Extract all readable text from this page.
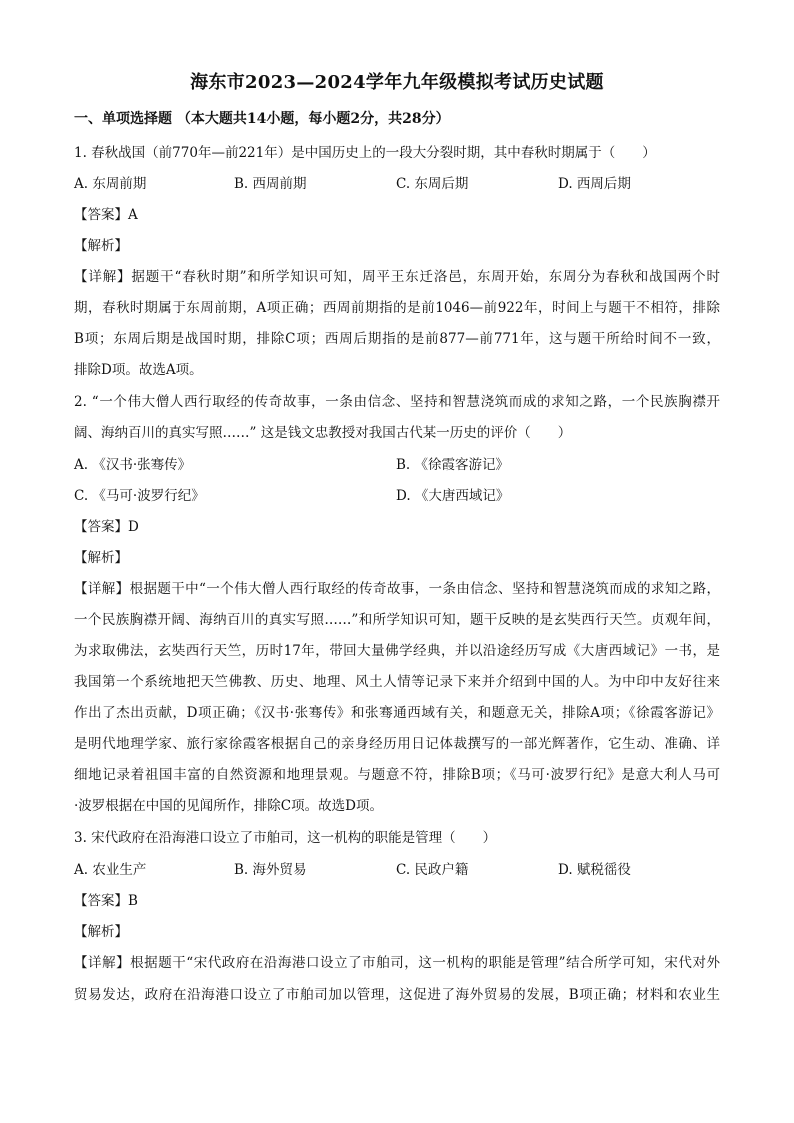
海东市2023—2024学年九年级模拟考试历史试题
一、单项选择题 （本大题共14小题，每小题2分，共28分）
1. 春秋战国（前770年—前221年）是中国历史上的一段大分裂时期，其中春秋时期属于（　　）
A. 东周前期	B. 西周前期	C. 东周后期	D. 西周后期
【答案】A
【解析】
【详解】据题干“春秋时期”和所学知识可知，周平王东迁洛邑，东周开始，东周分为春秋和战国两个时
期，春秋时期属于东周前期，A项正确；西周前期指的是前1046—前922年，时间上与题干不相符，排除
B项；东周后期是战国时期，排除C项；西周后期指的是前877—前771年，这与题干所给时间不一致，
排除D项。故选A项。
2. “一个伟大僧人西行取经的传奇故事，一条由信念、坚持和智慧浇筑而成的求知之路，一个民族胸襟开
阔、海纳百川的真实写照……” 这是钱文忠教授对我国古代某一历史的评价（　　）
A. 《汉书·张骞传》	B. 《徐霞客游记》
C. 《马可·波罗行纪》	D. 《大唐西域记》
【答案】D
【解析】
【详解】根据题干中“一个伟大僧人西行取经的传奇故事，一条由信念、坚持和智慧浇筑而成的求知之路，
一个民族胸襟开阔、海纳百川的真实写照……”和所学知识可知，题干反映的是玄奘西行天竺。贞观年间，
为求取佛法，玄奘西行天竺，历时17年，带回大量佛学经典，并以沿途经历写成《大唐西域记》一书，是
我国第一个系统地把天竺佛教、历史、地理、风土人情等记录下来并介绍到中国的人。为中印中友好往来
作出了杰出贡献，D项正确；《汉书·张骞传》和张骞通西域有关，和题意无关，排除A项；《徐霞客游记》
是明代地理学家、旅行家徐霞客根据自己的亲身经历用日记体裁撰写的一部光辉著作，它生动、准确、详
细地记录着祖国丰富的自然资源和地理景观。与题意不符，排除B项；《马可·波罗行纪》是意大利人马可
·波罗根据在中国的见闻所作，排除C项。故选D项。
3. 宋代政府在沿海港口设立了市舶司，这一机构的职能是管理（　　）
A. 农业生产	B. 海外贸易	C. 民政户籍	D. 赋税徭役
【答案】B
【解析】
【详解】根据题干“宋代政府在沿海港口设立了市舶司，这一机构的职能是管理”结合所学可知，宋代对外
贸易发达，政府在沿海港口设立了市舶司加以管理，这促进了海外贸易的发展，B项正确；材料和农业生
